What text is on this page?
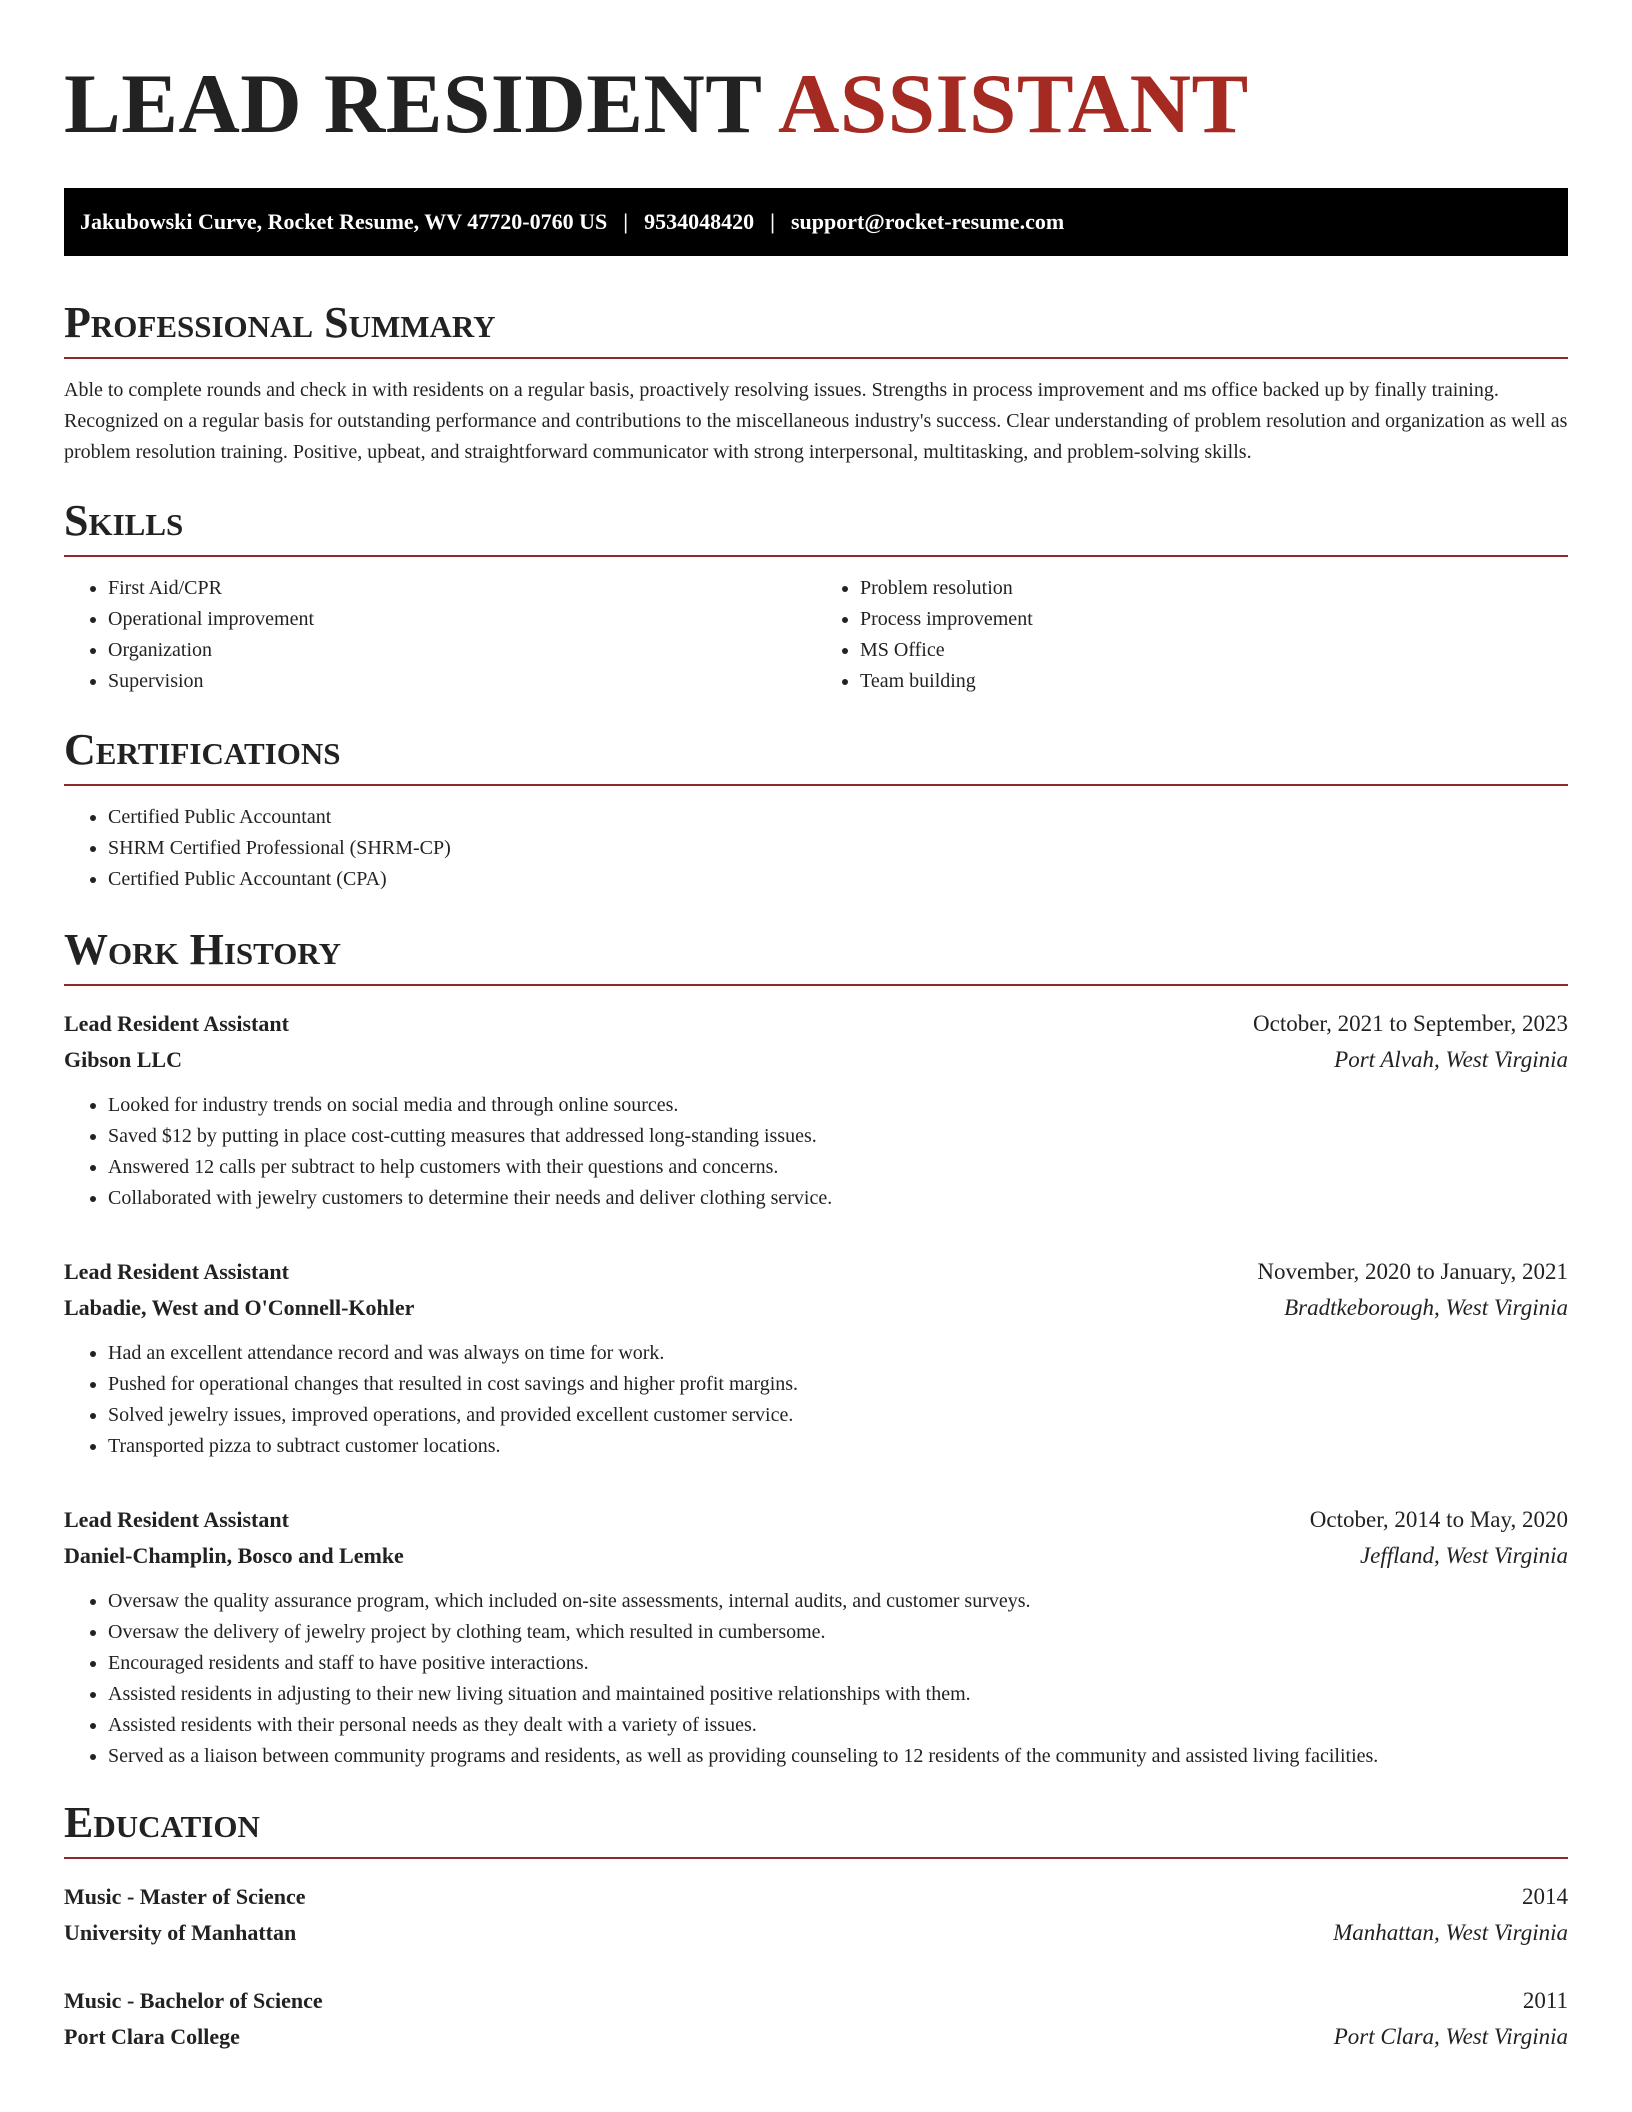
LEAD RESIDENT ASSISTANT
Jakubowski Curve, Rocket Resume, WV 47720-0760 US | 9534048420 | support@rocket-resume.com
Professional Summary

Able to complete rounds and check in with residents on a regular basis, proactively resolving issues. Strengths in process improvement and ms office backed up by finally training. Recognized on a regular basis for outstanding performance and contributions to the miscellaneous industry's success. Clear understanding of problem resolution and organization as well as problem resolution training. Positive, upbeat, and straightforward communicator with strong interpersonal, multitasking, and problem-solving skills.

Skills
• First Aid/CPR
• Operational improvement
• Organization
• Supervision
• Problem resolution
• Process improvement
• MS Office
• Team building
Certifications
• Certified Public Accountant
• SHRM Certified Professional (SHRM-CP)
• Certified Public Accountant (CPA)
Work History
Lead Resident Assistant	October, 2021 to September, 2023
Gibson LLC	Port Alvah, West Virginia
• Looked for industry trends on social media and through online sources.
• Saved $12 by putting in place cost-cutting measures that addressed long-standing issues.
• Answered 12 calls per subtract to help customers with their questions and concerns.
• Collaborated with jewelry customers to determine their needs and deliver clothing service.
Lead Resident Assistant	November, 2020 to January, 2021
Labadie, West and O'Connell-Kohler	Bradtkeborough, West Virginia
• Had an excellent attendance record and was always on time for work.
• Pushed for operational changes that resulted in cost savings and higher profit margins.
• Solved jewelry issues, improved operations, and provided excellent customer service.
• Transported pizza to subtract customer locations.
Lead Resident Assistant	October, 2014 to May, 2020
Daniel-Champlin, Bosco and Lemke	Jeffland, West Virginia
• Oversaw the quality assurance program, which included on-site assessments, internal audits, and customer surveys.
• Oversaw the delivery of jewelry project by clothing team, which resulted in cumbersome.
• Encouraged residents and staff to have positive interactions.
• Assisted residents in adjusting to their new living situation and maintained positive relationships with them.
• Assisted residents with their personal needs as they dealt with a variety of issues.
• Served as a liaison between community programs and residents, as well as providing counseling to 12 residents of the community and assisted living facilities.
Education
Music - Master of Science	2014
University of Manhattan	Manhattan, West Virginia
Music - Bachelor of Science	2011
Port Clara College	Port Clara, West Virginia
